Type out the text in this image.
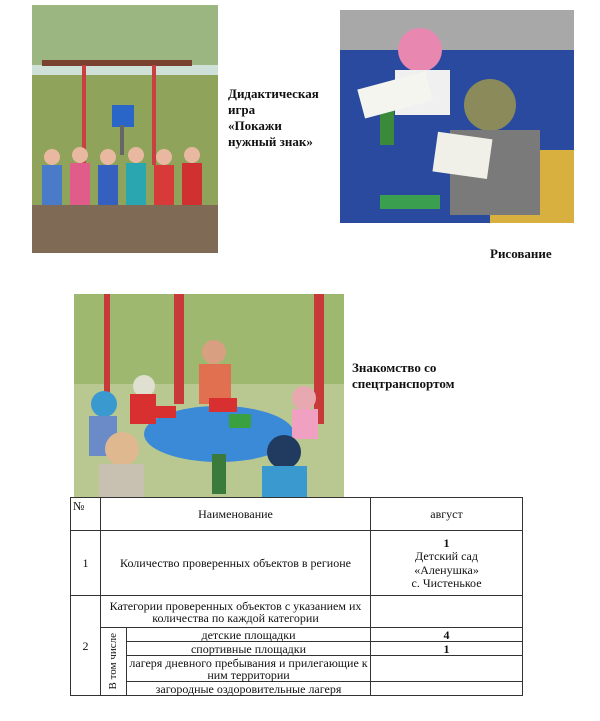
Дидактическая
игра
«Покажи
нужный знак»
Рисование
Знакомство со
спецтранспортом
№	Наименование		август
1	Количество проверенных объектов в регионе		1
Детский сад
«Аленушка»
с. Чистенькое

2	Категории проверенных объектов с указанием их количества по каждой категории		

	В том числе	детские площадки	4
		спортивные площадки	1
		лагеря дневного пребывания и прилегающие к ним территории	
		загородные оздоровительные лагеря	
